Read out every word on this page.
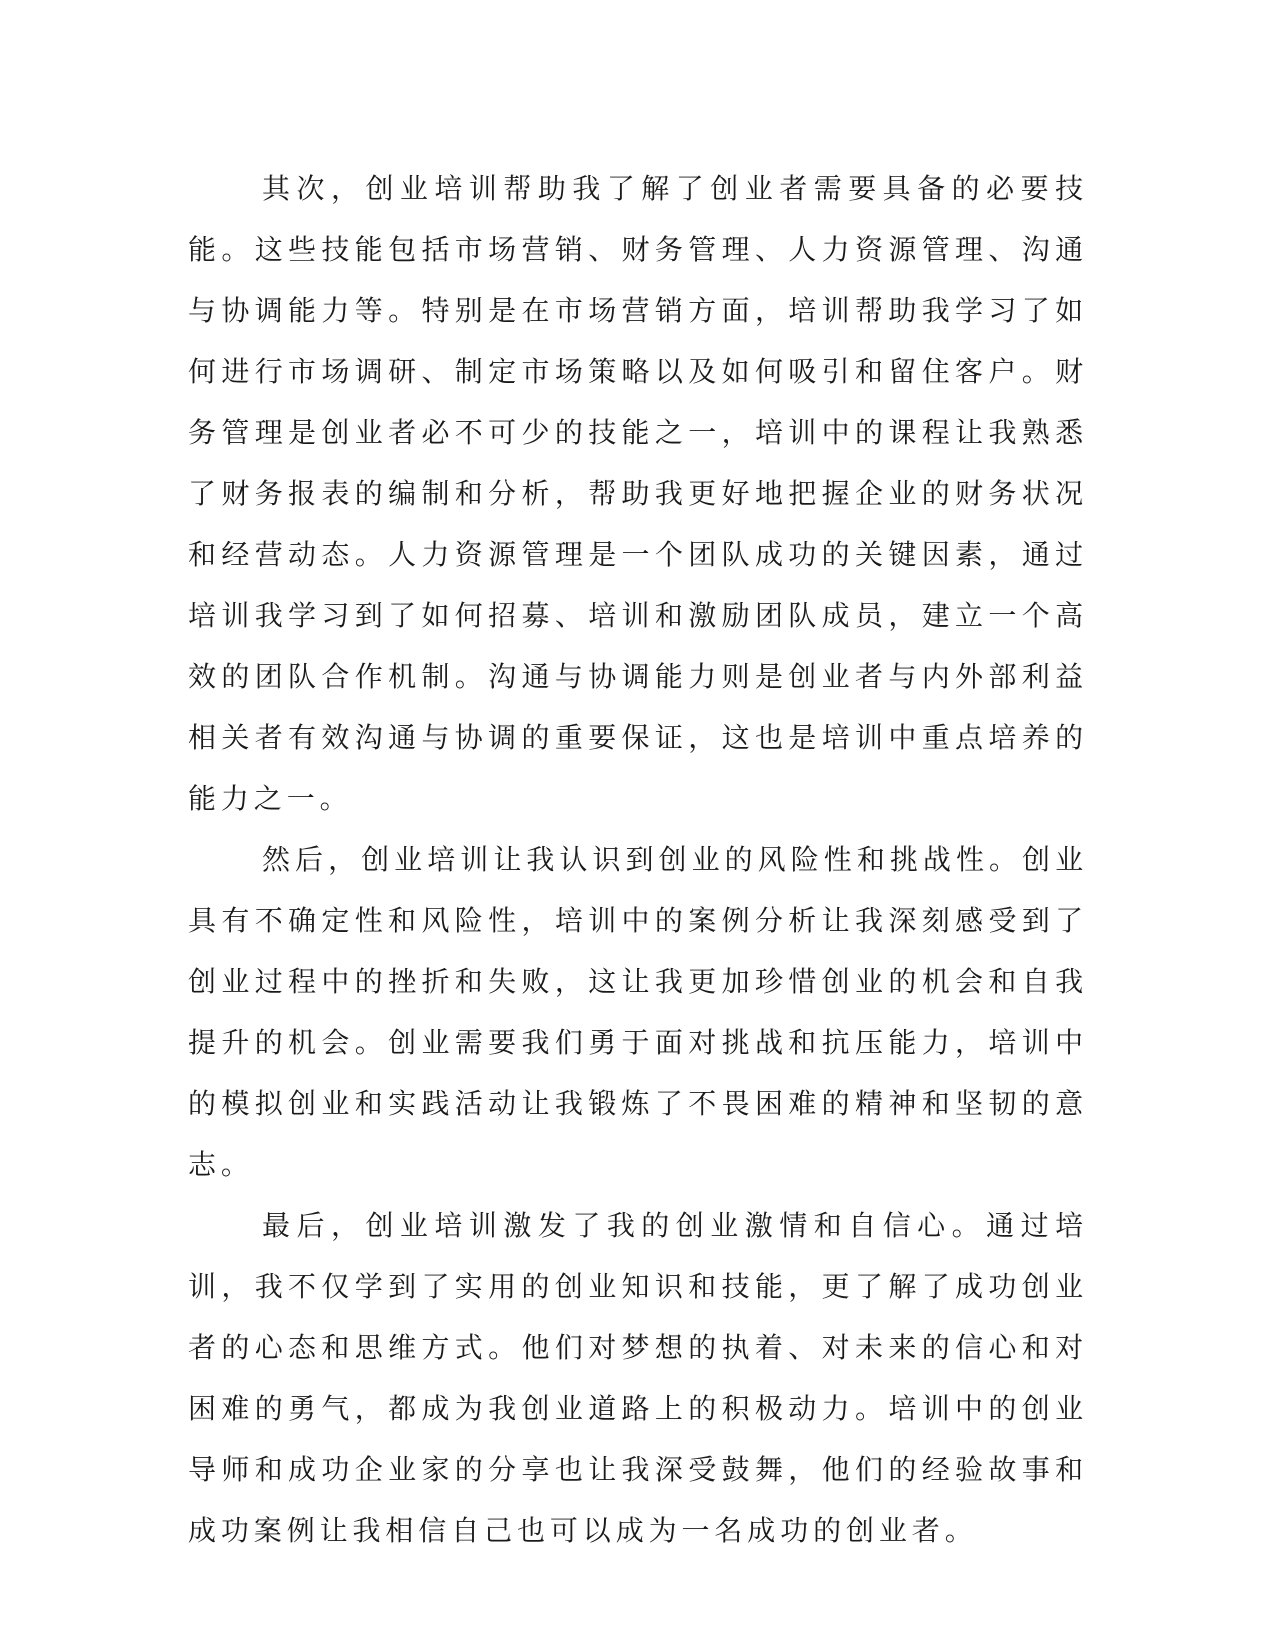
其次，创业培训帮助我了解了创业者需要具备的必要技能。这些技能包括市场营销、财务管理、人力资源管理、沟通与协调能力等。特别是在市场营销方面，培训帮助我学习了如何进行市场调研、制定市场策略以及如何吸引和留住客户。财务管理是创业者必不可少的技能之一，培训中的课程让我熟悉了财务报表的编制和分析，帮助我更好地把握企业的财务状况和经营动态。人力资源管理是一个团队成功的关键因素，通过培训我学习到了如何招募、培训和激励团队成员，建立一个高效的团队合作机制。沟通与协调能力则是创业者与内外部利益相关者有效沟通与协调的重要保证，这也是培训中重点培养的能力之一。

然后，创业培训让我认识到创业的风险性和挑战性。创业具有不确定性和风险性，培训中的案例分析让我深刻感受到了创业过程中的挫折和失败，这让我更加珍惜创业的机会和自我提升的机会。创业需要我们勇于面对挑战和抗压能力，培训中的模拟创业和实践活动让我锻炼了不畏困难的精神和坚韧的意志。

最后，创业培训激发了我的创业激情和自信心。通过培训，我不仅学到了实用的创业知识和技能，更了解了成功创业者的心态和思维方式。他们对梦想的执着、对未来的信心和对困难的勇气，都成为我创业道路上的积极动力。培训中的创业导师和成功企业家的分享也让我深受鼓舞，他们的经验故事和成功案例让我相信自己也可以成为一名成功的创业者。
